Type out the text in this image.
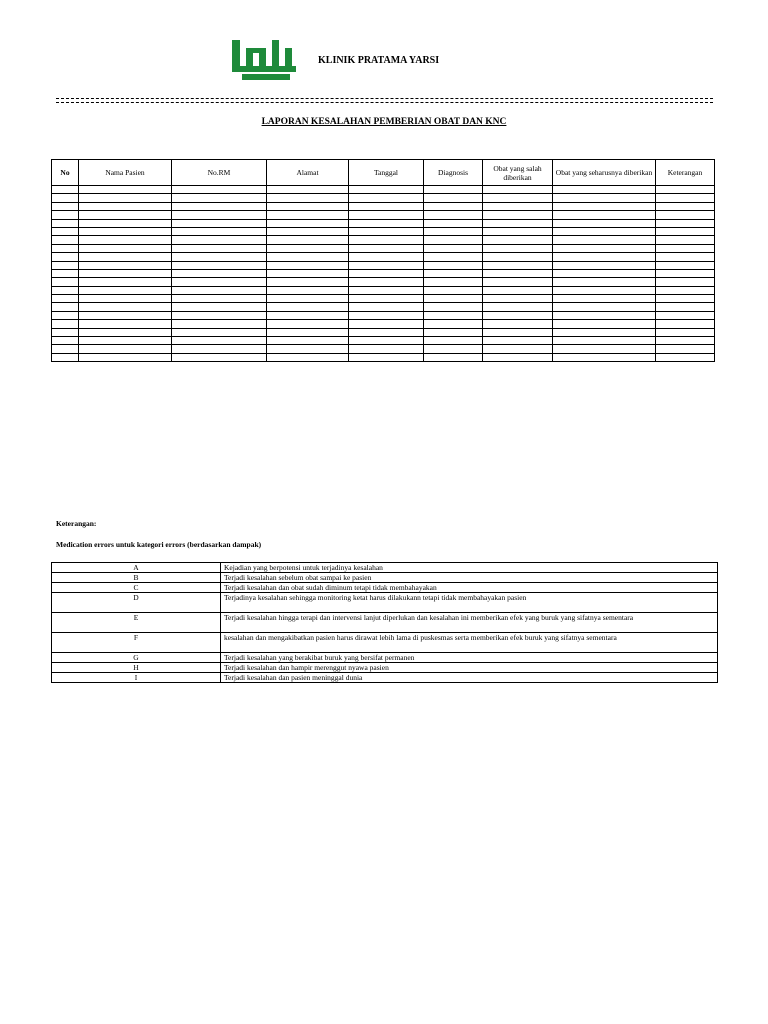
KLINIK PRATAMA YARSI
LAPORAN KESALAHAN PEMBERIAN OBAT DAN KNC
No	Nama Pasien	No.RM	Alamat	Tanggal	Diagnosis	Obat yang salah diberikan	Obat yang seharusnya diberikan	Keterangan

Keterangan:
Medication errors untuk kategori errors (berdasarkan dampak)
A	Kejadian yang berpotensi untuk terjadinya kesalahan
B	Terjadi kesalahan sebelum obat sampai ke pasien
C	Terjadi kesalahan dan obat sudah diminum tetapi tidak membahayakan
D	Terjadinya kesalahan sehingga monitoring ketat harus dilakukann tetapi tidak membahayakan pasien
E	Terjadi kesalahan hingga terapi dan intervensi lanjut diperlukan dan kesalahan ini memberikan efek yang buruk yang sifatnya sementara
F	kesalahan dan mengakibatkan pasien harus dirawat lebih lama di puskesmas serta memberikan efek buruk yang sifatnya sementara
G	Terjadi kesalahan yang berakibat buruk yang bersifat permanen
H	Terjadi kesalahan dan hampir merenggut nyawa pasien
I	Terjadi kesalahan dan pasien meninggal dunia
